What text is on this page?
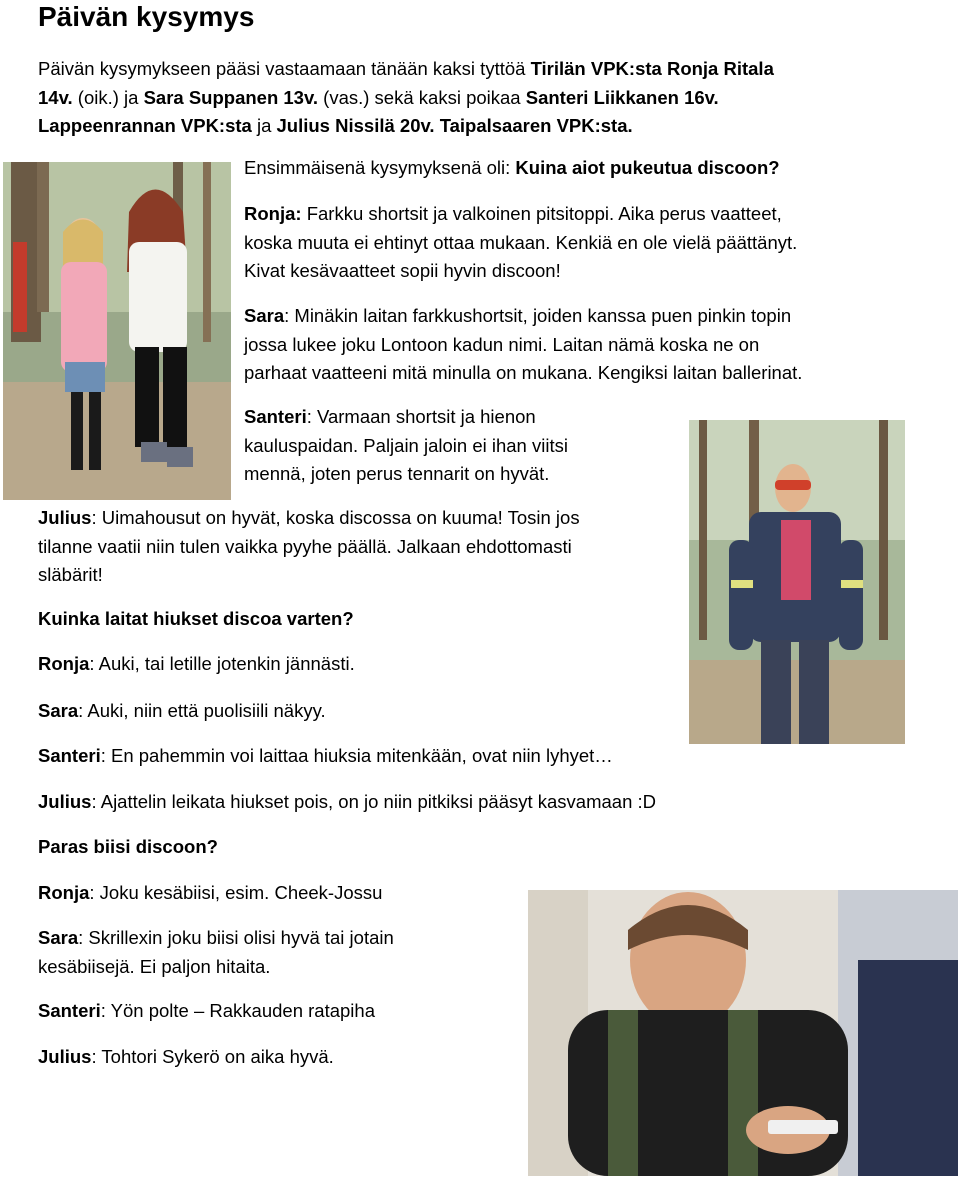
Päivän kysymys
Päivän kysymykseen pääsi vastaamaan tänään kaksi tyttöä Tirilän VPK:sta Ronja Ritala
14v. (oik.) ja Sara Suppanen 13v. (vas.) sekä kaksi poikaa Santeri Liikkanen 16v.
Lappeenrannan VPK:sta ja Julius Nissilä 20v. Taipalsaaren VPK:sta.
Ensimmäisenä kysymyksenä oli: Kuina aiot pukeutua discoon?
Ronja: Farkku shortsit ja valkoinen pitsitoppi. Aika perus vaatteet,
koska muuta ei ehtinyt ottaa mukaan. Kenkiä en ole vielä päättänyt.
Kivat kesävaatteet sopii hyvin discoon!
Sara: Minäkin laitan farkkushortsit, joiden kanssa puen pinkin topin
jossa lukee joku Lontoon kadun nimi. Laitan nämä koska ne on
parhaat vaatteeni mitä minulla on mukana. Kengiksi laitan ballerinat.
Santeri: Varmaan shortsit ja hienon
kauluspaidan. Paljain jaloin ei ihan viitsi
mennä, joten perus tennarit on hyvät.
Julius: Uimahousut on hyvät, koska discossa on kuuma! Tosin jos
tilanne vaatii niin tulen vaikka pyyhe päällä. Jalkaan ehdottomasti
släbärit!
Kuinka laitat hiukset discoa varten?
Ronja: Auki, tai letille jotenkin jännästi.
Sara: Auki, niin että puolisiili näkyy.
Santeri: En pahemmin voi laittaa hiuksia mitenkään, ovat niin lyhyet…
Julius: Ajattelin leikata hiukset pois, on jo niin pitkiksi pääsyt kasvamaan :D
Paras biisi discoon?
Ronja: Joku kesäbiisi, esim. Cheek-Jossu
Sara: Skrillexin joku biisi olisi hyvä tai jotain
kesäbiisejä. Ei paljon hitaita.
Santeri: Yön polte – Rakkauden ratapiha
Julius: Tohtori Sykerö on aika hyvä.
